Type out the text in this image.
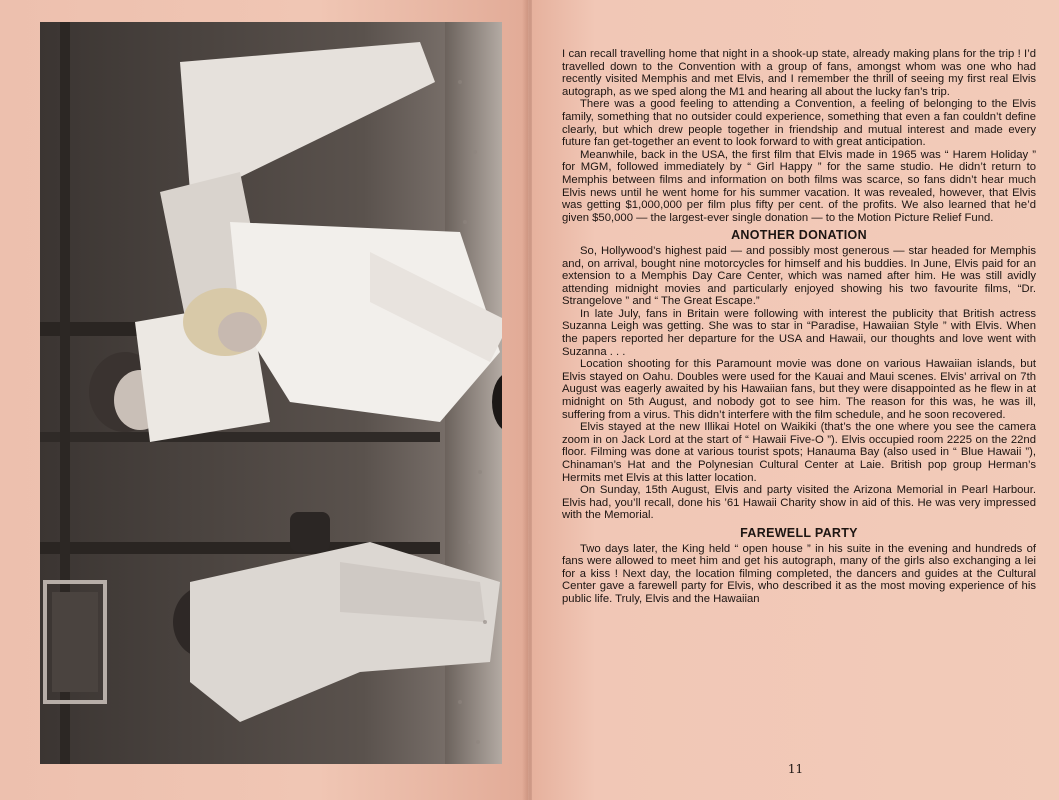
I can recall travelling home that night in a shook-up state, already making plans for the trip ! I’d travelled down to the Convention with a group of fans, amongst whom was one who had recently visited Memphis and met Elvis, and I remember the thrill of seeing my first real Elvis autograph, as we sped along the M1 and hearing all about the lucky fan’s trip.

There was a good feeling to attending a Convention, a feeling of belonging to the Elvis family, something that no outsider could experience, something that even a fan couldn’t define clearly, but which drew people together in friendship and mutual interest and made every future fan get-together an event to look forward to with great anticipation.

Meanwhile, back in the USA, the first film that Elvis made in 1965 was “ Harem Holiday ” for MGM, followed immediately by “ Girl Happy ” for the same studio. He didn’t return to Memphis between films and information on both films was scarce, so fans didn’t hear much Elvis news until he went home for his summer vacation. It was revealed, however, that Elvis was getting $1,000,000 per film plus fifty per cent. of the profits. We also learned that he’d given $50,000 — the largest-ever single donation — to the Motion Picture Relief Fund.

ANOTHER DONATION

So, Hollywood’s highest paid — and possibly most generous — star headed for Memphis and, on arrival, bought nine motorcycles for himself and his buddies. In June, Elvis paid for an extension to a Memphis Day Care Center, which was named after him. He was still avidly attending midnight movies and particularly enjoyed showing his two favourite films, “Dr. Strangelove ” and “ The Great Escape.”

In late July, fans in Britain were following with interest the publicity that British actress Suzanna Leigh was getting. She was to star in “Paradise, Hawaiian Style ” with Elvis. When the papers reported her departure for the USA and Hawaii, our thoughts and love went with Suzanna . . .

Location shooting for this Paramount movie was done on various Hawaiian islands, but Elvis stayed on Oahu. Doubles were used for the Kauai and Maui scenes. Elvis’ arrival on 7th August was eagerly awaited by his Hawaiian fans, but they were disappointed as he flew in at midnight on 5th August, and nobody got to see him. The reason for this was, he was ill, suffering from a virus. This didn’t interfere with the film schedule, and he soon recovered.

Elvis stayed at the new Illikai Hotel on Waikiki (that’s the one where you see the camera zoom in on Jack Lord at the start of “ Hawaii Five-O ”). Elvis occupied room 2225 on the 22nd floor. Filming was done at various tourist spots; Hanauma Bay (also used in “ Blue Hawaii ”), Chinaman’s Hat and the Polynesian Cultural Center at Laie. British pop group Herman’s Hermits met Elvis at this latter location.

On Sunday, 15th August, Elvis and party visited the Arizona Memorial in Pearl Harbour. Elvis had, you’ll recall, done his ’61 Hawaii Charity show in aid of this. He was very impressed with the Memorial.

FAREWELL PARTY

Two days later, the King held “ open house ” in his suite in the evening and hundreds of fans were allowed to meet him and get his autograph, many of the girls also exchanging a lei for a kiss ! Next day, the location filming completed, the dancers and guides at the Cultural Center gave a farewell party for Elvis, who described it as the most moving experience of his public life. Truly, Elvis and the Hawaiian

11
